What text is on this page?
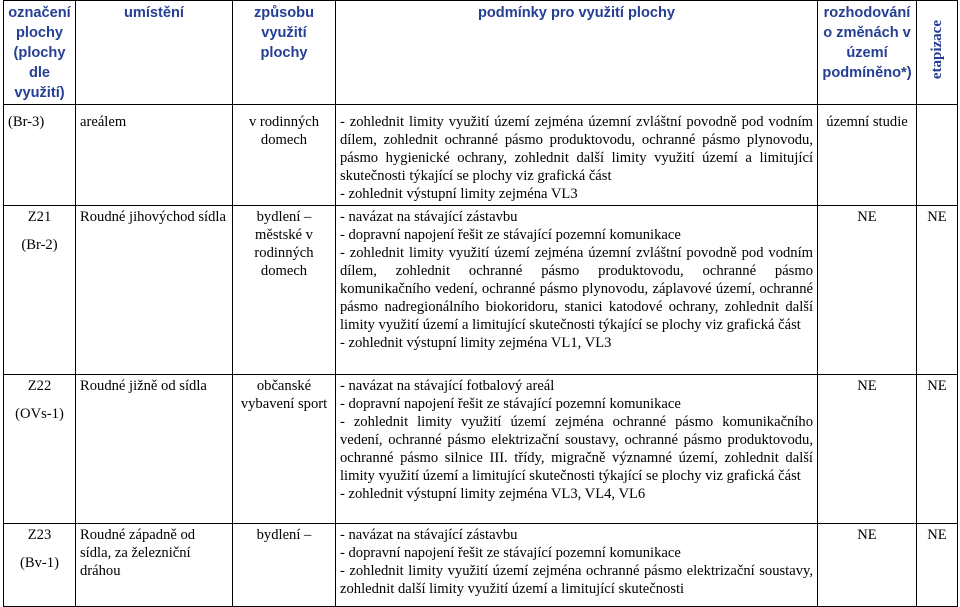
označení plochy (plochy dle využití)	umístění	způsobu využití plochy	podmínky pro využití plochy	rozhodování o změnách v území podmíněno*)	etapizace

(Br-3)	areálem	v rodinných domech	- zohlednit limity využití území zejména územní zvláštní povodně pod vodním dílem, zohlednit ochranné pásmo produktovodu, ochranné pásmo plynovodu, pásmo hygienické ochrany, zohlednit další limity využití území a limitující skutečnosti týkající se plochy viz grafická část
- zohlednit výstupní limity zejména VL3	územní studie	

Z21
(Br-2)	Roudné jihovýchod sídla	bydlení – městské v rodinných domech	- navázat na stávající zástavbu
- dopravní napojení řešit ze stávající pozemní komunikace
- zohlednit limity využití území zejména územní zvláštní povodně pod vodním dílem, zohlednit ochranné pásmo produktovodu, ochranné pásmo komunikačního vedení, ochranné pásmo plynovodu, záplavové území, ochranné pásmo nadregionálního biokoridoru, stanici katodové ochrany, zohlednit další limity využití území a limitující skutečnosti týkající se plochy viz grafická část
- zohlednit výstupní limity zejména VL1, VL3	NE	NE

Z22
(OVs-1)	Roudné jižně od sídla	občanské vybavení sport	- navázat na stávající fotbalový areál
- dopravní napojení řešit ze stávající pozemní komunikace
- zohlednit limity využití území zejména ochranné pásmo komunikačního vedení, ochranné pásmo elektrizační soustavy, ochranné pásmo produktovodu, ochranné pásmo silnice III. třídy, migračně významné území, zohlednit další limity využití území a limitující skutečnosti týkající se plochy viz grafická část
- zohlednit výstupní limity zejména VL3, VL4, VL6	NE	NE

Z23
(Bv-1)	Roudné západně od sídla, za železniční dráhou	bydlení –	- navázat na stávající zástavbu
- dopravní napojení řešit ze stávající pozemní komunikace
- zohlednit limity využití území zejména ochranné pásmo elektrizační soustavy, zohlednit další limity využití území a limitující skutečnosti	NE	NE
